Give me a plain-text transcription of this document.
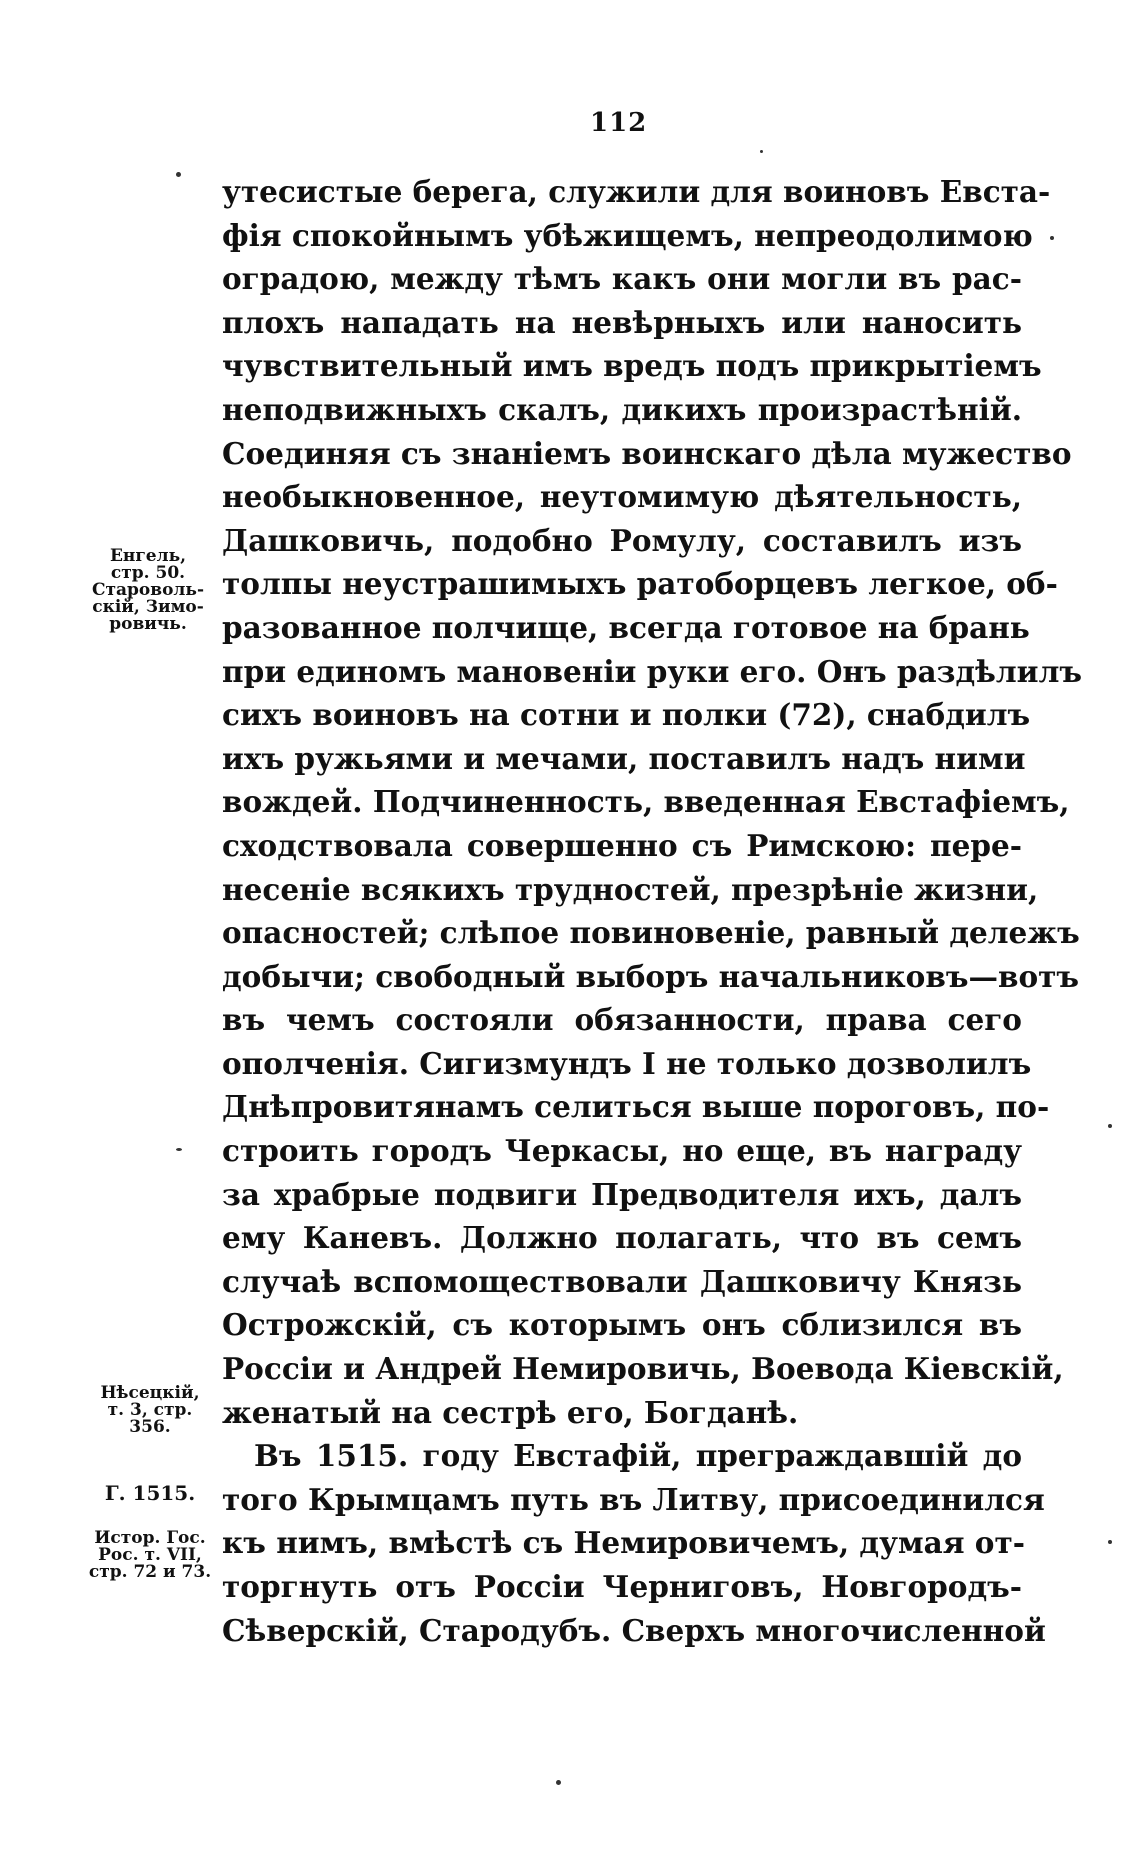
112
утесистые берега, служили для воиновъ Евста-
фія спокойнымъ убѣжищемъ, непреодолимою
оградою, между тѣмъ какъ они могли въ рас-
плохъ нападать на невѣрныхъ или наносить
чувствительный имъ вредъ подъ прикрытіемъ
неподвижныхъ скалъ, дикихъ произрастѣній.
Соединяя съ знаніемъ воинскаго дѣла мужество
необыкновенное, неутомимую дѣятельность,
Дашковичь, подобно Ромулу, составилъ изъ
толпы неустрашимыхъ ратоборцевъ легкое, об-
разованное полчище, всегда готовое на брань
при единомъ мановеніи руки его. Онъ раздѣлилъ
сихъ воиновъ на сотни и полки (72), снабдилъ
ихъ ружьями и мечами, поставилъ надъ ними
вождей. Подчиненность, введенная Евстафіемъ,
сходствовала совершенно съ Римскою: пере-
несеніе всякихъ трудностей, презрѣніе жизни,
опасностей; слѣпое повиновеніе, равный дележъ
добычи; свободный выборъ начальниковъ—вотъ
въ чемъ состояли обязанности, права сего
ополченія. Сигизмундъ I не только дозволилъ
Днѣпровитянамъ селиться выше пороговъ, по-
строить городъ Черкасы, но еще, въ награду
за храбрые подвиги Предводителя ихъ, далъ
ему Каневъ. Должно полагать, что въ семъ
случаѣ вспомоществовали Дашковичу Князь
Острожскій, съ которымъ онъ сблизился въ
Россіи и Андрей Немировичь, Воевода Кіевскій,
женатый на сестрѣ его, Богданѣ.
Въ 1515. году Евстафій, преграждавшій до
того Крымцамъ путь въ Литву, присоединился
къ нимъ, вмѣстѣ съ Немировичемъ, думая от-
торгнуть отъ Россіи Черниговъ, Новгородъ-
Сѣверскій, Стародубъ. Сверхъ многочисленной
Енгель,
стр. 50.
Староволь-
скій, Зимо-
ровичь.
Нѣсецкій,
т. 3, стр.
356.
Г. 1515.
Истор. Гос.
Рос. т. VII,
стр. 72 и 73.
